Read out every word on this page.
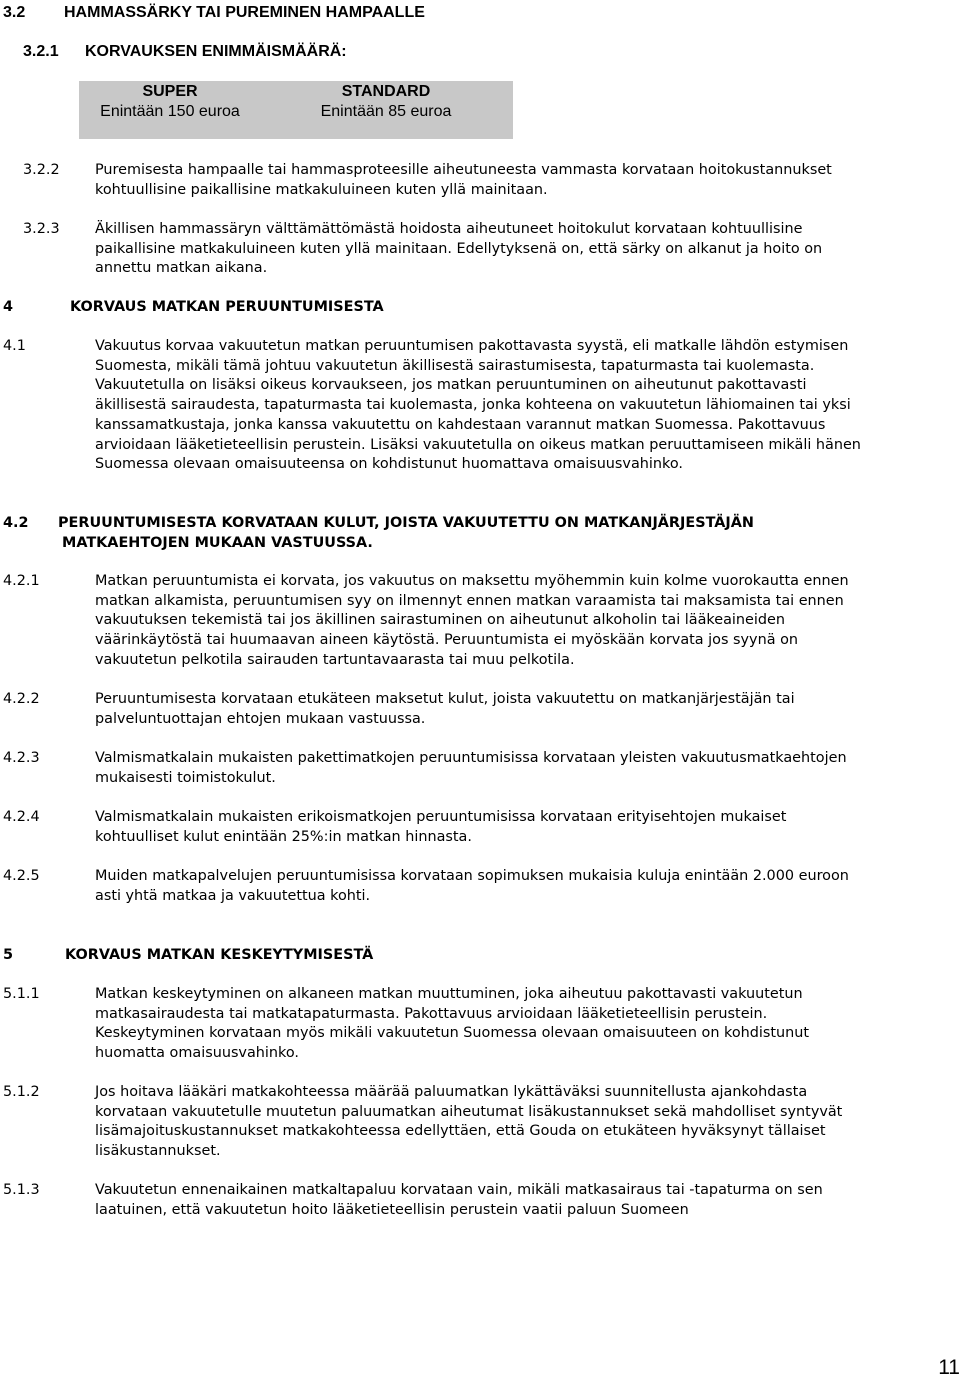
3.2 HAMMASSÄRKY TAI PUREMINEN HAMPAALLE
3.2.1 KORVAUKSEN ENIMMÄISMÄÄRÄ:
SUPER
Enintään 150 euroa
STANDARD
Enintään 85 euroa
3.2.2 Puremisesta hampaalle tai hammasproteesille aiheutuneesta vammasta korvataan hoitokustannukset
kohtuullisine paikallisine matkakuluineen kuten yllä mainitaan.
3.2.3 Äkillisen hammassäryn välttämättömästä hoidosta aiheutuneet hoitokulut korvataan kohtuullisine
paikallisine matkakuluineen kuten yllä mainitaan. Edellytyksenä on, että särky on alkanut ja hoito on
annettu matkan aikana.
4	KORVAUS MATKAN PERUUNTUMISESTA
4.1	Vakuutus korvaa vakuutetun matkan peruuntumisen pakottavasta syystä, eli matkalle lähdön estymisen
Suomesta, mikäli tämä johtuu vakuutetun äkillisestä sairastumisesta, tapaturmasta tai kuolemasta.
Vakuutetulla on lisäksi oikeus korvaukseen, jos matkan peruuntuminen on aiheutunut pakottavasti
äkillisestä sairaudesta, tapaturmasta tai kuolemasta, jonka kohteena on vakuutetun lähiomainen tai yksi
kanssamatkustaja, jonka kanssa vakuutettu on kahdestaan varannut matkan Suomessa. Pakottavuus
arvioidaan lääketieteellisin perustein. Lisäksi vakuutetulla on oikeus matkan peruuttamiseen mikäli hänen
Suomessa olevaan omaisuuteensa on kohdistunut huomattava omaisuusvahinko.
4.2 PERUUNTUMISESTA KORVATAAN KULUT, JOISTA VAKUUTETTU ON MATKANJÄRJESTÄJÄN
MATKAEHTOJEN MUKAAN VASTUUSSA.
4.2.1	Matkan peruuntumista ei korvata, jos vakuutus on maksettu myöhemmin kuin kolme vuorokautta ennen
matkan alkamista, peruuntumisen syy on ilmennyt ennen matkan varaamista tai maksamista tai ennen
vakuutuksen tekemistä tai jos äkillinen sairastuminen on aiheutunut alkoholin tai lääkeaineiden
väärinkäytöstä tai huumaavan aineen käytöstä. Peruuntumista ei myöskään korvata jos syynä on
vakuutetun pelkotila sairauden tartuntavaarasta tai muu pelkotila.
4.2.2	Peruuntumisesta korvataan etukäteen maksetut kulut, joista vakuutettu on matkanjärjestäjän tai
palveluntuottajan ehtojen mukaan vastuussa.
4.2.3	Valmismatkalain mukaisten pakettimatkojen peruuntumisissa korvataan yleisten vakuutusmatkaehtojen
mukaisesti toimistokulut.
4.2.4	Valmismatkalain mukaisten erikoismatkojen peruuntumisissa korvataan erityisehtojen mukaiset
kohtuulliset kulut enintään 25%:in matkan hinnasta.
4.2.5	Muiden matkapalvelujen peruuntumisissa korvataan sopimuksen mukaisia kuluja enintään 2.000 euroon
asti yhtä matkaa ja vakuutettua kohti.
5	KORVAUS MATKAN KESKEYTYMISESTÄ
5.1.1	Matkan keskeytyminen on alkaneen matkan muuttuminen, joka aiheutuu pakottavasti vakuutetun
matkasairaudesta tai matkatapaturmasta. Pakottavuus arvioidaan lääketieteellisin perustein.
Keskeytyminen korvataan myös mikäli vakuutetun Suomessa olevaan omaisuuteen on kohdistunut
huomatta omaisuusvahinko.
5.1.2	Jos hoitava lääkäri matkakohteessa määrää paluumatkan lykättäväksi suunnitellusta ajankohdasta
korvataan vakuutetulle muutetun paluumatkan aiheutumat lisäkustannukset sekä mahdolliset syntyvät
lisämajoituskustannukset matkakohteessa edellyttäen, että Gouda on etukäteen hyväksynyt tällaiset
lisäkustannukset.
5.1.3	Vakuutetun ennenaikainen matkaltapaluu korvataan vain, mikäli matkasairaus tai -tapaturma on sen
laatuinen, että vakuutetun hoito lääketieteellisin perustein vaatii paluun Suomeen
11
